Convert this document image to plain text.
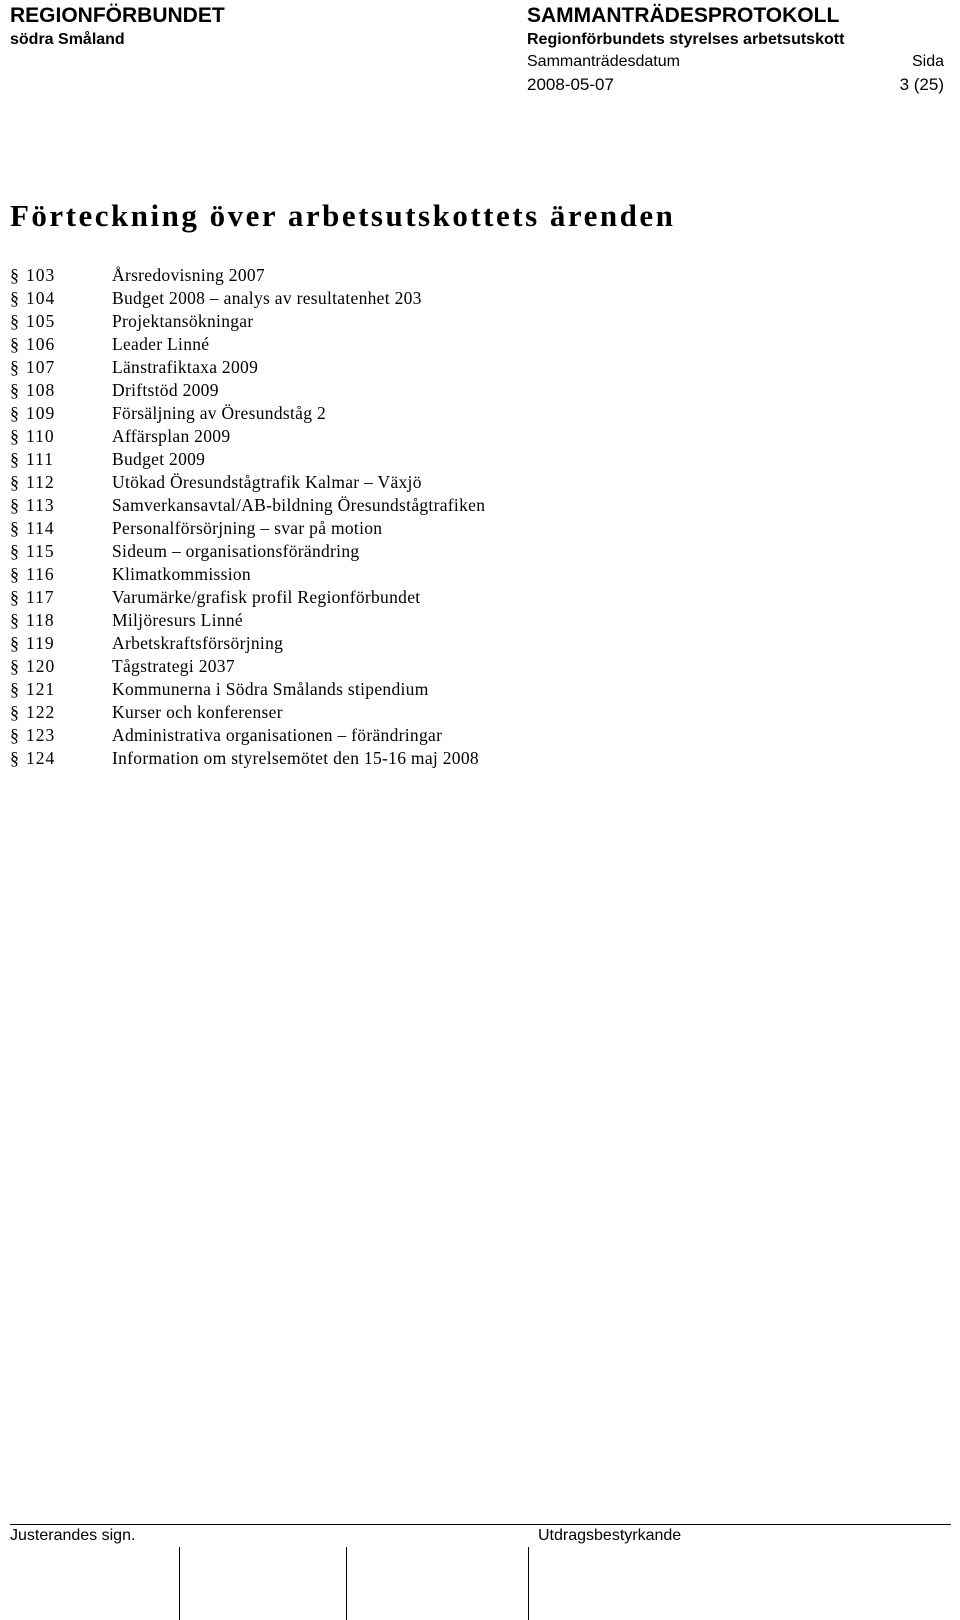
REGIONFÖRBUNDET
södra Småland
SAMMANTRÄDESPROTOKOLL
Regionförbundets styrelses arbetsutskott
Sammanträdesdatum	Sida
2008-05-07	3 (25)
Förteckning över arbetsutskottets ärenden
§ 103	Årsredovisning 2007
§ 104	Budget 2008 – analys av resultatenhet 203
§ 105	Projektansökningar
§ 106	Leader Linné
§ 107	Länstrafiktaxa 2009
§ 108	Driftstöd 2009
§ 109	Försäljning av Öresundståg 2
§ 110	Affärsplan 2009
§ 111	Budget 2009
§ 112	Utökad Öresundstågtrafik Kalmar – Växjö
§ 113	Samverkansavtal/AB-bildning Öresundstågtrafiken
§ 114	Personalförsörjning – svar på motion
§ 115	Sideum – organisationsförändring
§ 116	Klimatkommission
§ 117	Varumärke/grafisk profil Regionförbundet
§ 118	Miljöresurs Linné
§ 119	Arbetskraftsförsörjning
§ 120	Tågstrategi 2037
§ 121	Kommunerna i Södra Smålands stipendium
§ 122	Kurser och konferenser
§ 123	Administrativa organisationen – förändringar
§ 124	Information om styrelsemötet den 15-16 maj 2008
Justerandes sign.	Utdragsbestyrkande
